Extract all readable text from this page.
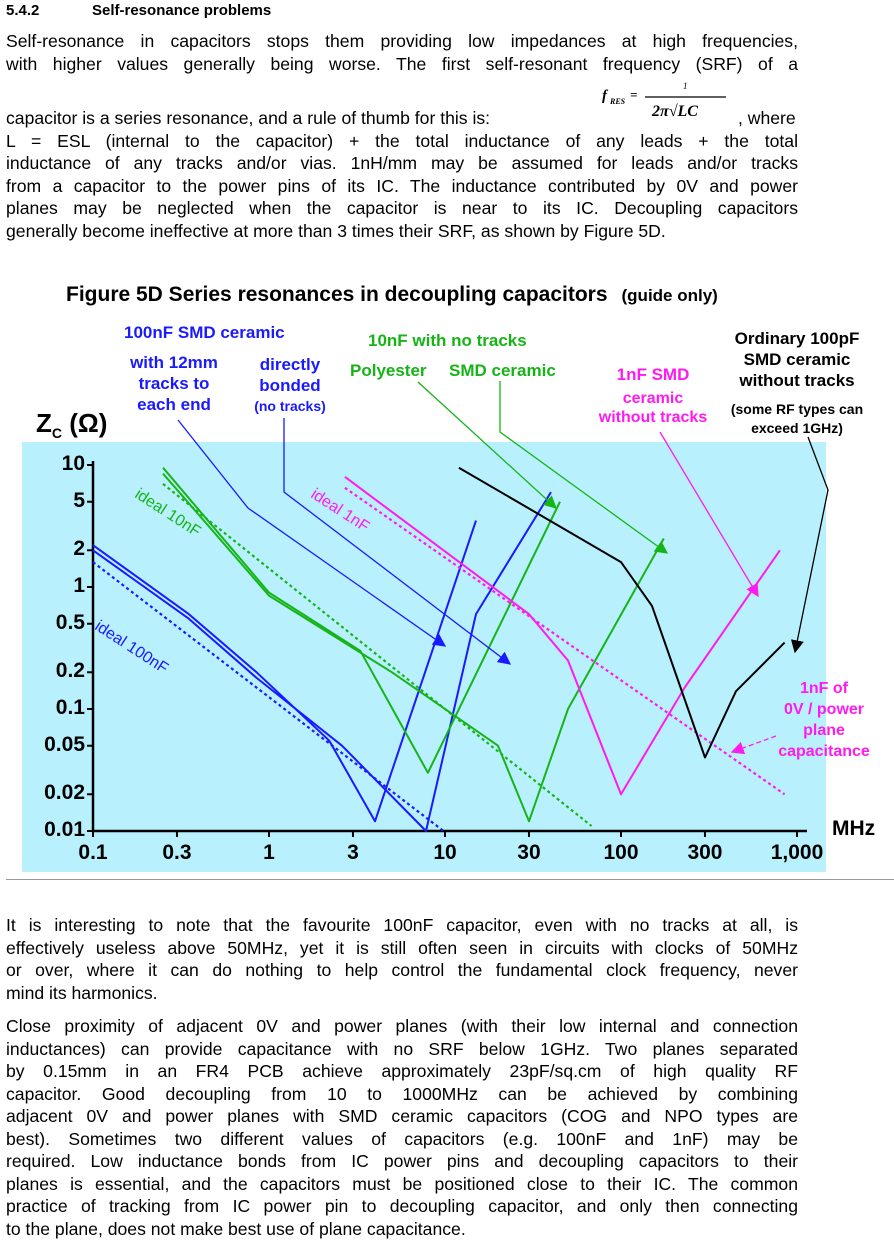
5.4.2	Self-resonance problems
Self-resonance in capacitors stops them providing low impedances at high frequencies,
with higher values generally being worse. The first self-resonant frequency (SRF) of a
f RES =
1
2π√LC
capacitor is a series resonance, and a rule of thumb for this is:
L = ESL (internal to the capacitor) + the total inductance of any leads + the total
inductance of any tracks and/or vias. 1nH/mm may be assumed for leads and/or tracks
from a capacitor to the power pins of its IC. The inductance contributed by 0V and power
planes may be neglected when the capacitor is near to its IC. Decoupling capacitors
generally become ineffective at more than 3 times their SRF, as shown by Figure 5D.
, where
Figure 5D Series resonances in decoupling capacitors (guide only)
$Z_C$ (Ω)
MHz
10
5
2
1
0.5
0.2
0.1
0.05
0.02
0.01
0.1	0.3	1	3	10	30	100 300 1,000
100nF SMD ceramic
with 12mm
tracks to
each end
directly
bonded
(no tracks)
10nF with no tracks
Polyester SMD ceramic	1nF SMD
ceramic
without tracks
Ordinary 100pF
SMD ceramic
without tracks
(some RF types can
exceed 1GHz)
1nF of
0V / power
plane
capacitance
ideal 100nF
ideal 10nF	ideal 1nF
It is interesting to note that the favourite 100nF capacitor, even with no tracks at all, is
effectively useless above 50MHz, yet it is still often seen in circuits with clocks of 50MHz
or over, where it can do nothing to help control the fundamental clock frequency, never
mind its harmonics.
Close proximity of adjacent 0V and power planes (with their low internal and connection
inductances) can provide capacitance with no SRF below 1GHz. Two planes separated
by 0.15mm in an FR4 PCB achieve approximately 23pF/sq.cm of high quality RF
capacitor. Good decoupling from 10 to 1000MHz can be achieved by combining
adjacent 0V and power planes with SMD ceramic capacitors (COG and NPO types are
best). Sometimes two different values of capacitors (e.g. 100nF and 1nF) may be
required. Low inductance bonds from IC power pins and decoupling capacitors to their
planes is essential, and the capacitors must be positioned close to their IC. The common
practice of tracking from IC power pin to decoupling capacitor, and only then connecting
to the plane, does not make best use of plane capacitance.
